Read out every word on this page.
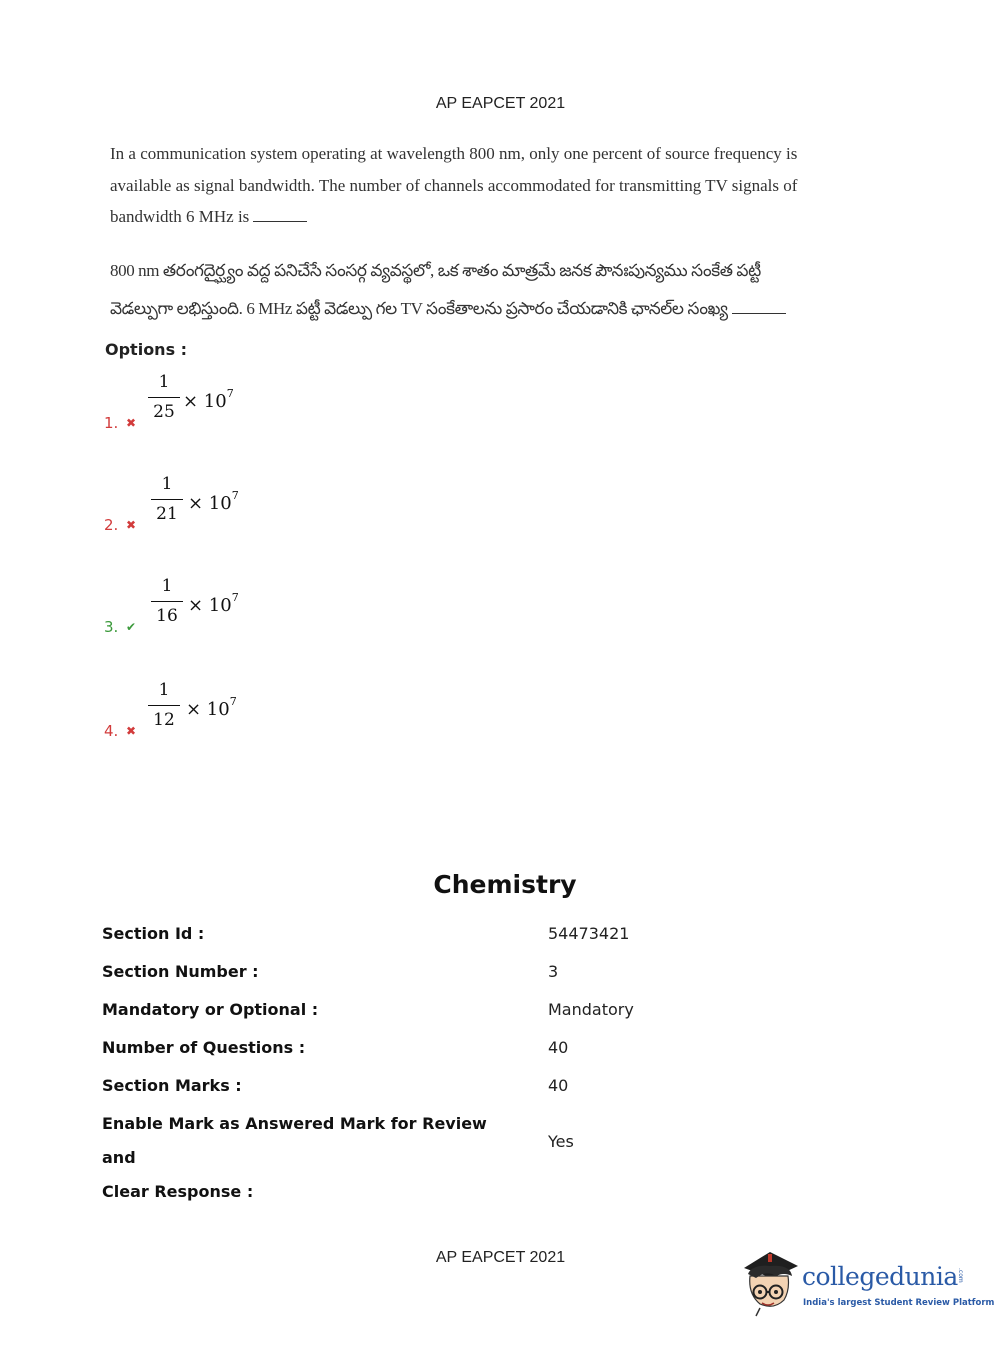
AP EAPCET 2021
In a communication system operating at wavelength 800 nm, only one percent of source frequency is
available as signal bandwidth. The number of channels accommodated for transmitting TV signals of
bandwidth 6 MHz is
800 nm తరంగదైర్ఘ్యం వద్ద పనిచేసే సంసర్గ వ్యవస్థలో, ఒక శాతం మాత్రమే జనక పౌనఃపున్యము సంకేత పట్టీ
వెడల్పుగా లభిస్తుంది. 6 MHz పట్టీ వెడల్పు గల TV సంకేతాలను ప్రసారం చేయడానికి ఛానల్‌ల సంఖ్య
Options :
1. ✖
1
$25 \times 10^7$
2. ✖
1
$21 \times 10^7$
3. ✔
1
$16 \times 10^7$
4. ✖
1
$12 \times 10^7$
Chemistry
Section Id :	54473421
Section Number :	3
Mandatory or Optional :	Mandatory
Number of Questions :	40
Section Marks :	40
Enable Mark as Answered Mark for Review and
Clear Response :
Yes
AP EAPCET 2021
collegedunia .com
India's largest Student Review Platform
